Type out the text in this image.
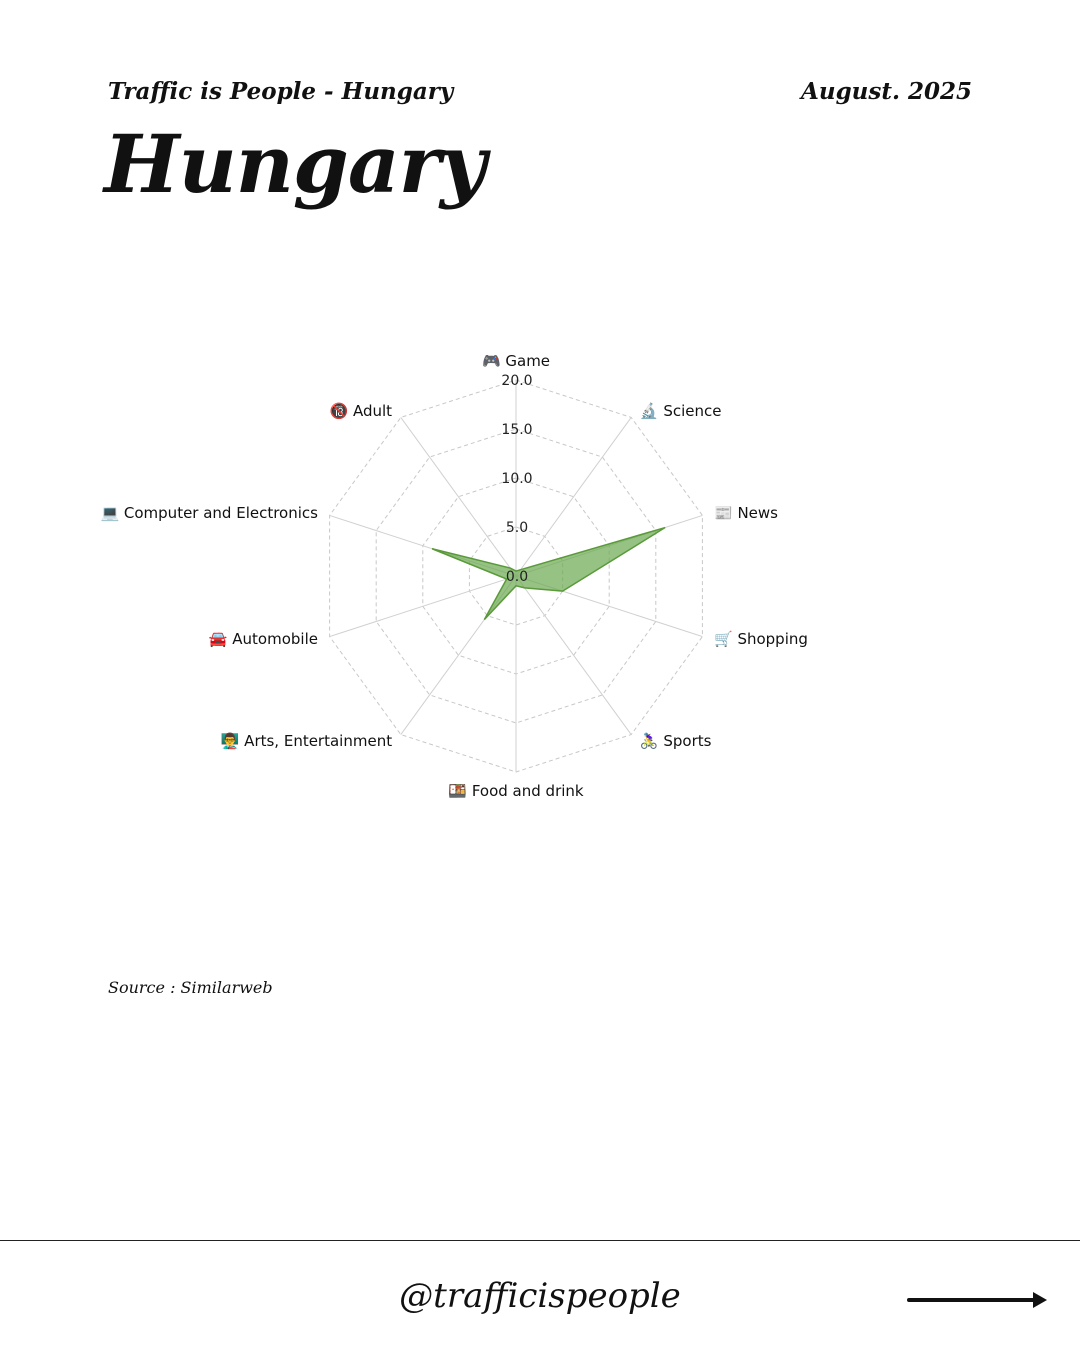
Traffic is People - Hungary	August. 2025
Hungary
0.0
5.0
10.0
15.0
20.0
🎮 Game
🔬 Science
📰 News
🛒 Shopping
🚴‍♀️ Sports
🍱 Food and drink
👨‍🏫 Arts, Entertainment
🚘 Automobile
💻 Computer and Electronics
🔞 Adult
Source : Similarweb
@trafficispeople
